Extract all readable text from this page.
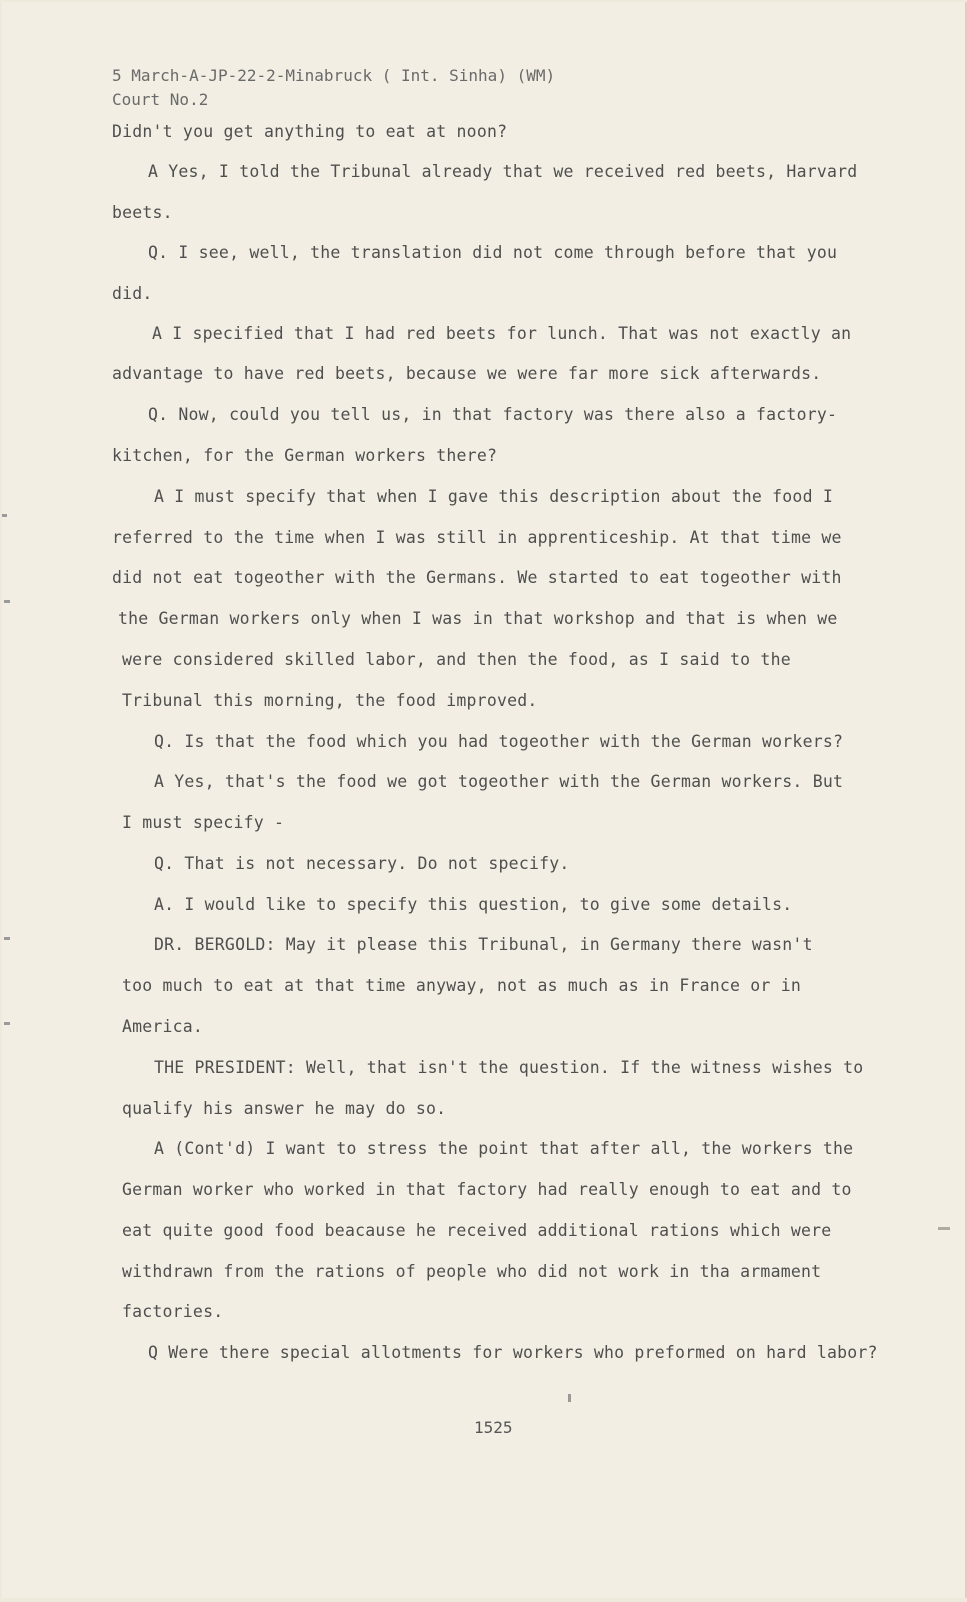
5 March-A-JP-22-2-Minabruck ( Int. Sinha) (WM)
Court No.2
Didn't you get anything to eat at noon?
A Yes, I told the Tribunal already that we received red beets, Harvard
beets.
Q. I see, well, the translation did not come through before that you
did.
A I specified that I had red beets for lunch. That was not exactly an
advantage to have red beets, because we were far more sick afterwards.
Q. Now, could you tell us, in that factory was there also a factory-
kitchen, for the German workers there?
A I must specify that when I gave this description about the food I
referred to the time when I was still in apprenticeship. At that time we
did not eat togeother with the Germans. We started to eat togeother with
the German workers only when I was in that workshop and that is when we
were considered skilled labor, and then the food, as I said to the
Tribunal this morning, the food improved.
Q. Is that the food which you had togeother with the German workers?
A Yes, that's the food we got togeother with the German workers. But
I must specify -
Q. That is not necessary. Do not specify.
A. I would like to specify this question, to give some details.
DR. BERGOLD: May it please this Tribunal, in Germany there wasn't
too much to eat at that time anyway, not as much as in France or in
America.
THE PRESIDENT: Well, that isn't the question. If the witness wishes to
qualify his answer he may do so.
A (Cont'd) I want to stress the point that after all, the workers the
German worker who worked in that factory had really enough to eat and to
eat quite good food beacause he received additional rations which were
withdrawn from the rations of people who did not work in tha armament
factories.
Q Were there special allotments for workers who preformed on hard labor?
1525
